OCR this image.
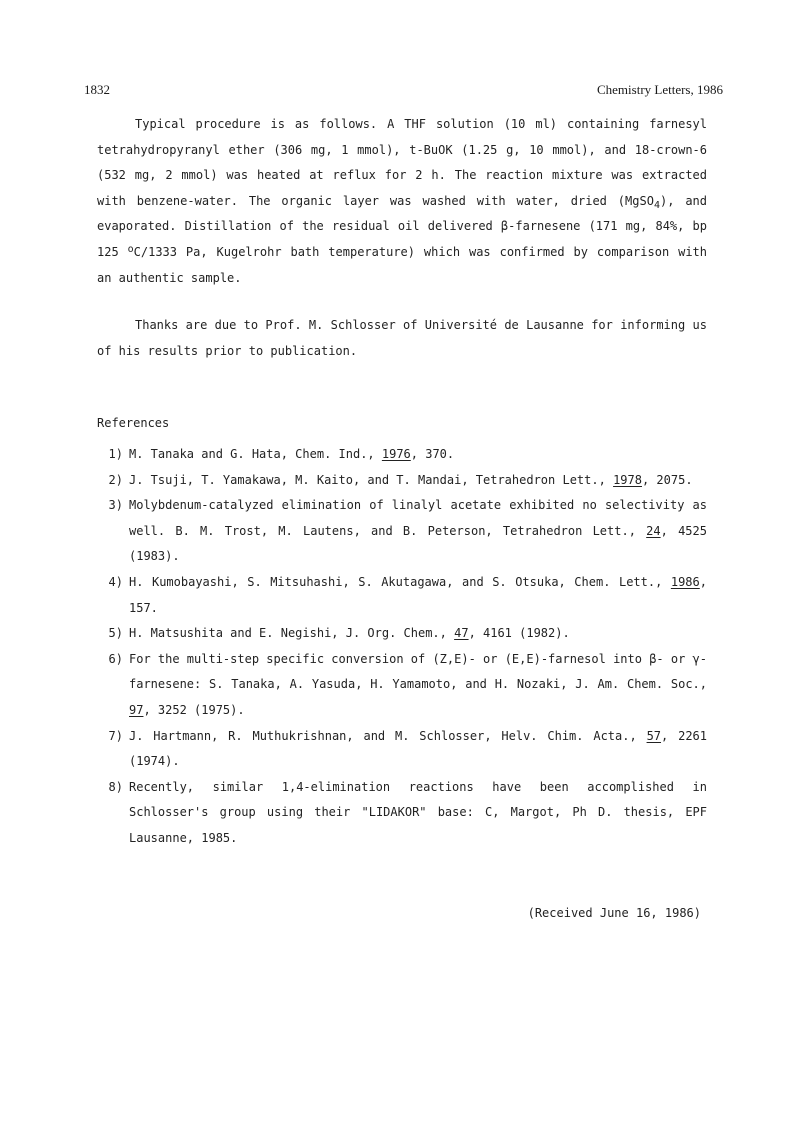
1832	Chemistry Letters, 1986

Typical procedure is as follows. A THF solution (10 ml) containing farnesyl tetrahydropyranyl ether (306 mg, 1 mmol), t-BuOK (1.25 g, 10 mmol), and 18-crown-6 (532 mg, 2 mmol) was heated at reflux for 2 h. The reaction mixture was extracted with benzene-water. The organic layer was washed with water, dried (MgSO$_4$), and evaporated. Distillation of the residual oil delivered β-farnesene (171 mg, 84%, bp 125 $^o$C/1333 Pa, Kugelrohr bath temperature) which was confirmed by comparison with an authentic sample.

Thanks are due to Prof. M. Schlosser of Université de Lausanne for informing us of his results prior to publication.

References
1) M. Tanaka and G. Hata, Chem. Ind., 1976, 370.
2) J. Tsuji, T. Yamakawa, M. Kaito, and T. Mandai, Tetrahedron Lett., 1978, 2075.
3) Molybdenum-catalyzed elimination of linalyl acetate exhibited no selectivity as well. B. M. Trost, M. Lautens, and B. Peterson, Tetrahedron Lett., 24, 4525 (1983).
4) H. Kumobayashi, S. Mitsuhashi, S. Akutagawa, and S. Otsuka, Chem. Lett., 1986, 157.
5) H. Matsushita and E. Negishi, J. Org. Chem., 47, 4161 (1982).
6) For the multi-step specific conversion of (Z,E)- or (E,E)-farnesol into β- or γ-farnesene: S. Tanaka, A. Yasuda, H. Yamamoto, and H. Nozaki, J. Am. Chem. Soc., 97, 3252 (1975).
7) J. Hartmann, R. Muthukrishnan, and M. Schlosser, Helv. Chim. Acta., 57, 2261 (1974).
8) Recently, similar 1,4-elimination reactions have been accomplished in Schlosser's group using their "LIDAKOR" base: C, Margot, Ph D. thesis, EPF Lausanne, 1985.
(Received June 16, 1986)
